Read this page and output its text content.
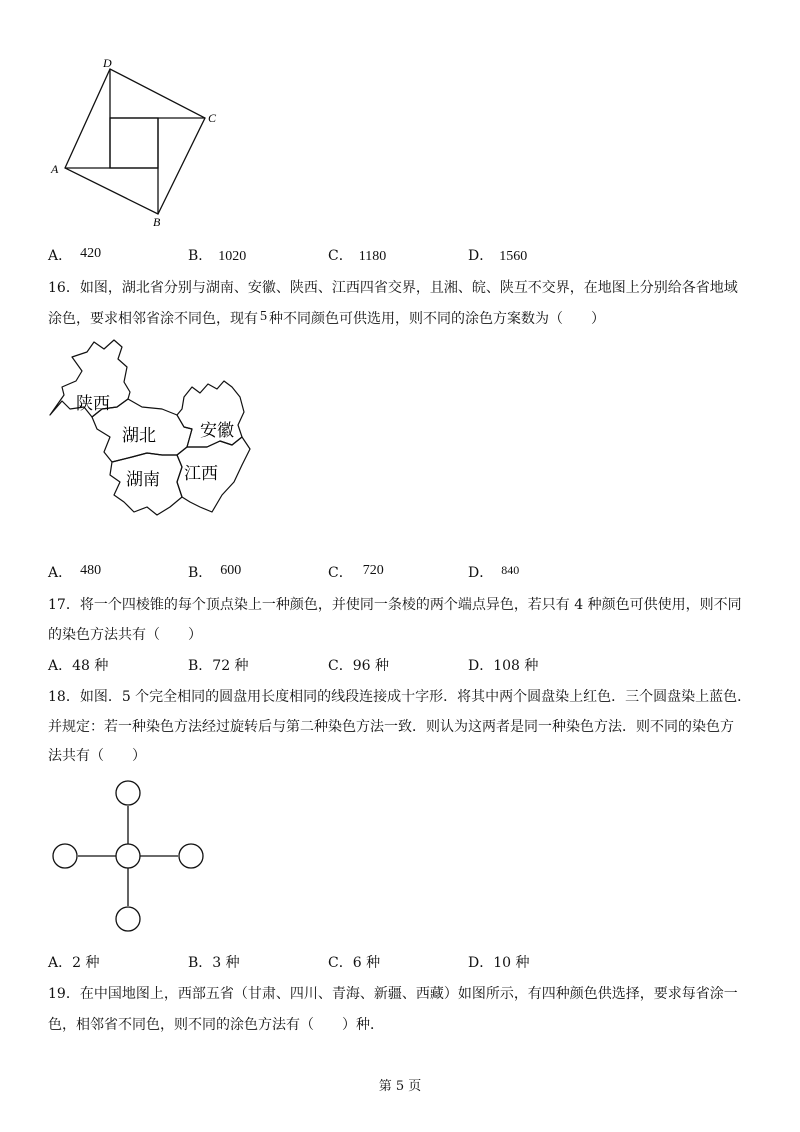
D
C
A
B
A． 420	B． 1020	C． 1180	D． 1560
16．如图，湖北省分别与湖南、安徽、陕西、江西四省交界，且湘、皖、陕互不交界，在地图上分别给各省地域
涂色，要求相邻省涂不同色，现有 5 种不同颜色可供选用，则不同的涂色方案数为（　　）
陕西
湖北	安徽
湖南 江西
A． 480	B． 600	C． 720	D． 840
17．将一个四棱锥的每个顶点染上一种颜色，并使同一条棱的两个端点异色，若只有 4 种颜色可供使用，则不同
的染色方法共有（　　）
A．48 种	B．72 种	C．96 种	D．108 种
18．如图．5 个完全相同的圆盘用长度相同的线段连接成十字形．将其中两个圆盘染上红色．三个圆盘染上蓝色．
并规定：若一种染色方法经过旋转后与第二种染色方法一致．则认为这两者是同一种染色方法．则不同的染色方
法共有（　　）
A．2 种	B．3 种	C．6 种	D．10 种
19．在中国地图上，西部五省（甘肃、四川、青海、新疆、西藏）如图所示，有四种颜色供选择，要求每省涂一
色，相邻省不同色，则不同的涂色方法有（　　）种．
第 5 页
